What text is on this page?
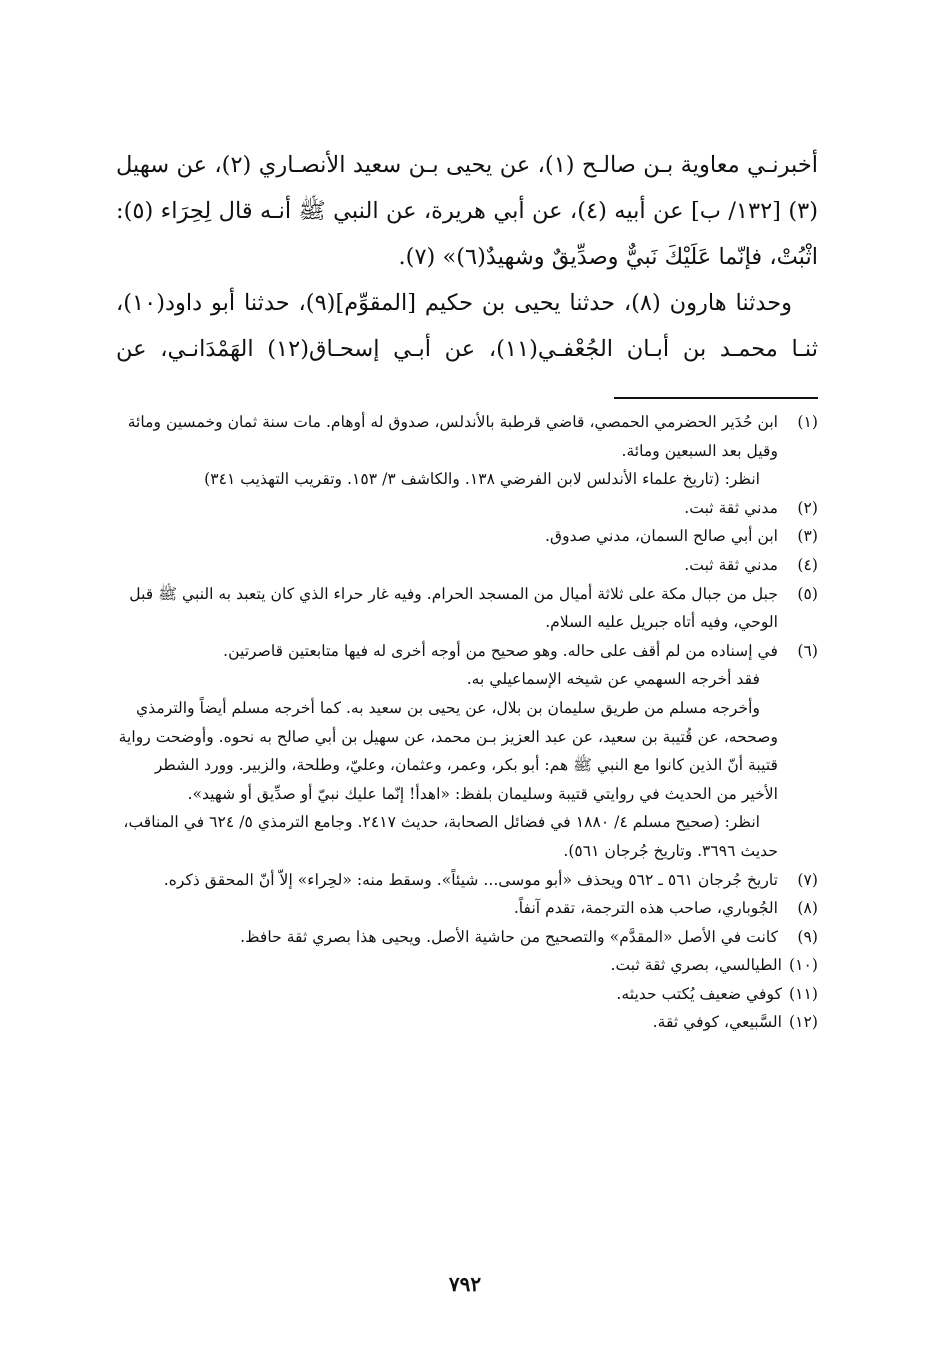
أخبرنـي معاوية بـن صالـح (١)، عن يحيى بـن سعيد الأنصـاري (٢)، عن سهيل (٣) [١٣٢/ ب] عن أبيه (٤)، عن أبي هريرة، عن النبي ﷺ أنـه قال لِحِرَاء (٥): اثْبُتْ، فإنّما عَلَيْكَ نَبيٌّ وصدِّيقٌ وشهيدٌ(٦)» (٧).

وحدثنا هارون (٨)، حدثنا يحيى بن حكيم [المقوِّم](٩)، حدثنا أبو داود(١٠)، ثنـا محمـد بن أبـان الجُعْفـي(١١)، عن أبـي إسحـاق(١٢) الهَمْدَانـي، عن

(١)
ابن حُدَير الحضرمي الحمصي، قاضي قرطبة بالأندلس، صدوق له أوهام. مات سنة ثمان وخمسين ومائة وقيل بعد السبعين ومائة.
انظر: (تاريخ علماء الأندلس لابن الفرضي ١٣٨. والكاشف ٣/ ١٥٣. وتقريب التهذيب ٣٤١)
(٢)
مدني ثقة ثبت.
(٣)
ابن أبي صالح السمان، مدني صدوق.
(٤)
مدني ثقة ثبت.
(٥)
جبل من جبال مكة على ثلاثة أميال من المسجد الحرام. وفيه غار حراء الذي كان يتعبد به النبي ﷺ قبل الوحي، وفيه أتاه جبريل عليه السلام.
(٦)
في إسناده من لم أقف على حاله. وهو صحيح من أوجه أخرى له فيها متابعتين قاصرتين.
فقد أخرجه السهمي عن شيخه الإسماعيلي به.
وأخرجه مسلم من طريق سليمان بن بلال، عن يحيى بن سعيد به. كما أخرجه مسلم أيضاً والترمذي وصححه، عن قُتيبة بن سعيد، عن عبد العزيز بـن محمد، عن سهيل بن أبي صالح به نحوه. وأوضحت رواية قتيبة أنّ الذين كانوا مع النبي ﷺ هم: أبو بكر، وعمر، وعثمان، وعليّ، وطلحة، والزبير. وورد الشطر الأخير من الحديث في روايتي قتيبة وسليمان بلفظ: «اهدأ! إنّما عليك نبيّ أو صدِّيق أو شهيد».
انظر: (صحيح مسلم ٤/ ١٨٨٠ في فضائل الصحابة، حديث ٢٤١٧. وجامع الترمذي ٥/ ٦٢٤ في المناقب، حديث ٣٦٩٦. وتاريخ جُرجان ٥٦١).
(٧)
تاريخ جُرجان ٥٦١ ـ ٥٦٢ ويحذف «أبو موسى... شيئاً». وسقط منه: «لحِراء» إلاّ أنّ المحقق ذكره.
(٨)
الجُوباري، صاحب هذه الترجمة، تقدم آنفاً.
(٩)
كانت في الأصل «المقدَّم» والتصحيح من حاشية الأصل. ويحيى هذا بصري ثقة حافظ.
(١٠)
الطيالسي، بصري ثقة ثبت.
(١١)
كوفي ضعيف يُكتب حديثه.
(١٢)
السَّبيعي، كوفي ثقة.
٧٩٢
